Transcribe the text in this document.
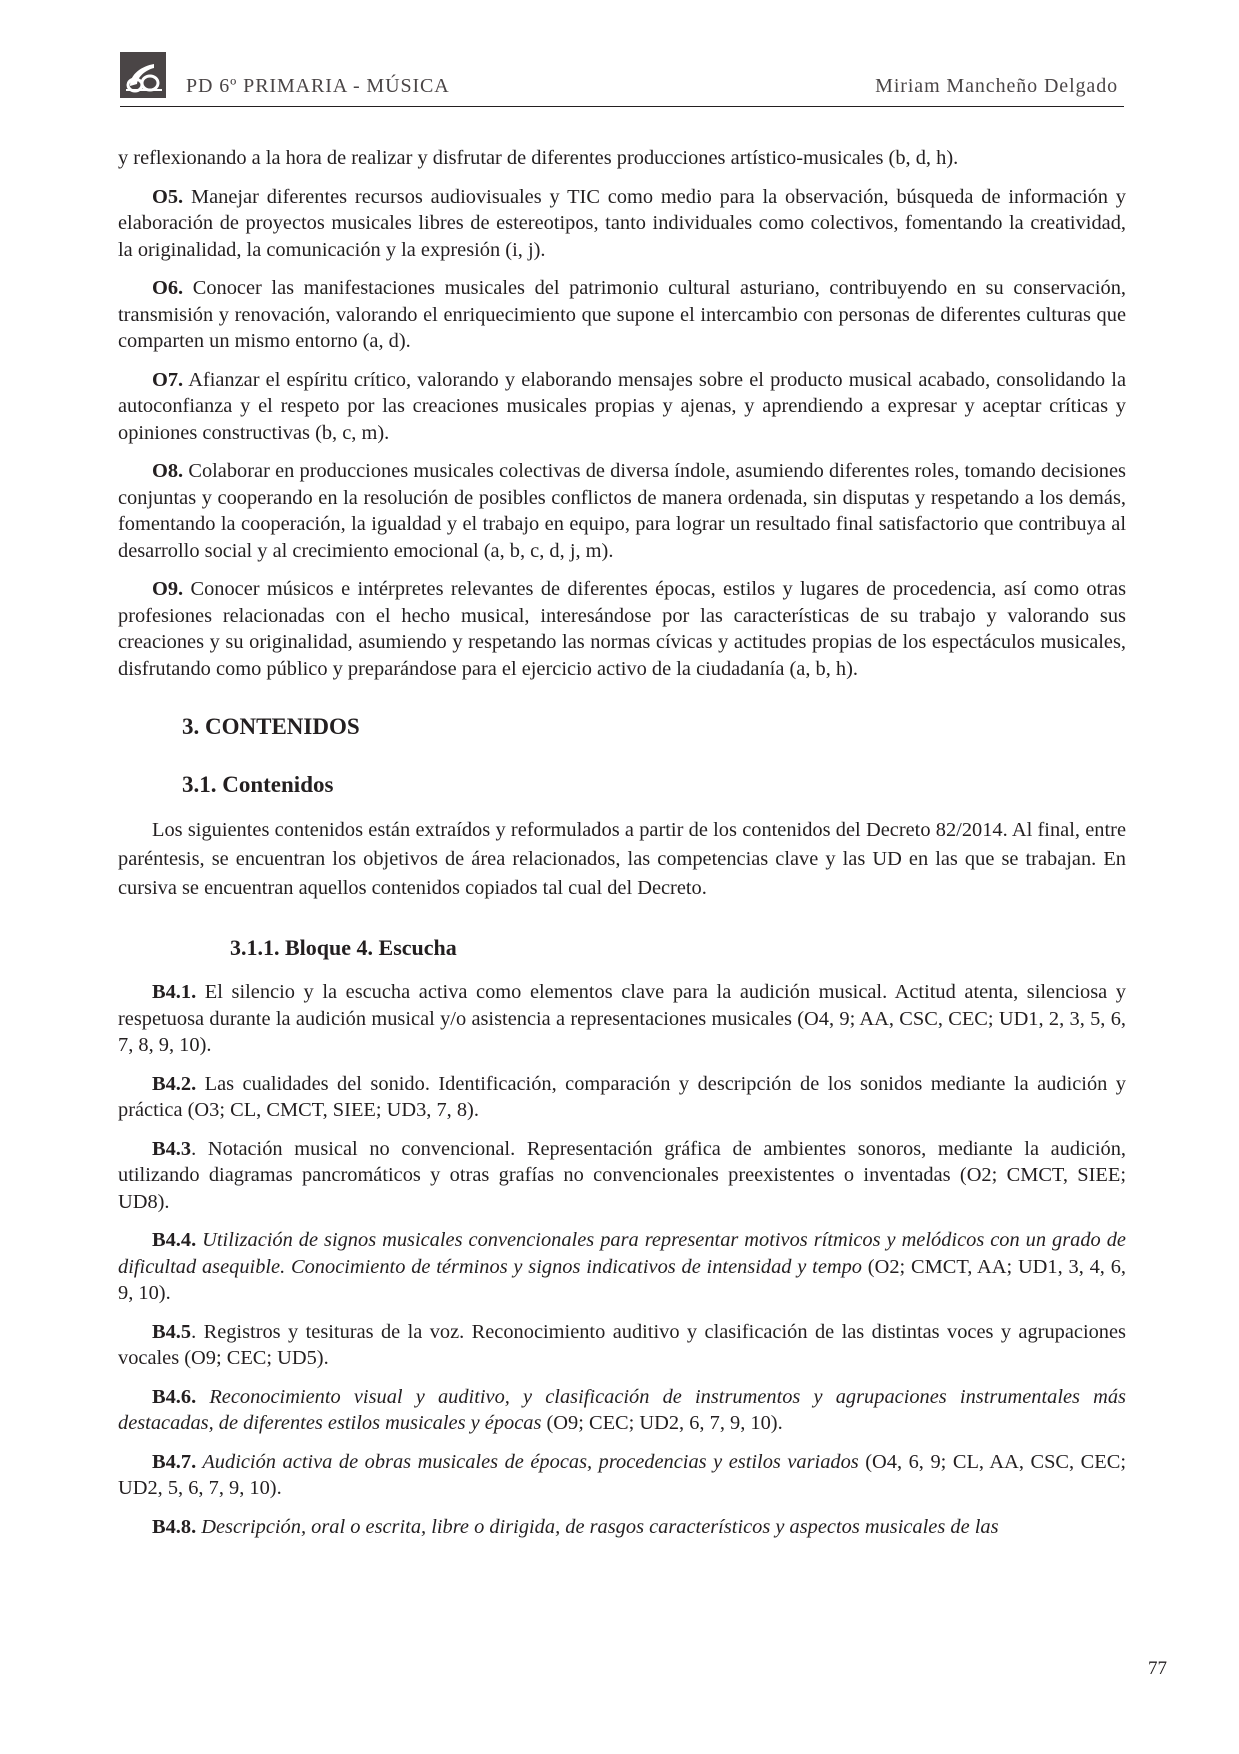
PD 6º PRIMARIA - MÚSICA	Miriam Mancheño Delgado

y reflexionando a la hora de realizar y disfrutar de diferentes producciones artístico-musicales (b, d, h).

O5. Manejar diferentes recursos audiovisuales y TIC como medio para la observación, búsqueda de información y elaboración de proyectos musicales libres de estereotipos, tanto individuales como colectivos, fomentando la creatividad, la originalidad, la comunicación y la expresión (i, j).

O6. Conocer las manifestaciones musicales del patrimonio cultural asturiano, contribuyendo en su conservación, transmisión y renovación, valorando el enriquecimiento que supone el intercambio con personas de diferentes culturas que comparten un mismo entorno (a, d).

O7. Afianzar el espíritu crítico, valorando y elaborando mensajes sobre el producto musical acabado, consolidando la autoconfianza y el respeto por las creaciones musicales propias y ajenas, y aprendiendo a expresar y aceptar críticas y opiniones constructivas (b, c, m).

O8. Colaborar en producciones musicales colectivas de diversa índole, asumiendo diferentes roles, tomando decisiones conjuntas y cooperando en la resolución de posibles conflictos de manera ordenada, sin disputas y respetando a los demás, fomentando la cooperación, la igualdad y el trabajo en equipo, para lograr un resultado final satisfactorio que contribuya al desarrollo social y al crecimiento emocional (a, b, c, d, j, m).

O9. Conocer músicos e intérpretes relevantes de diferentes épocas, estilos y lugares de procedencia, así como otras profesiones relacionadas con el hecho musical, interesándose por las características de su trabajo y valorando sus creaciones y su originalidad, asumiendo y respetando las normas cívicas y actitudes propias de los espectáculos musicales, disfrutando como público y preparándose para el ejercicio activo de la ciudadanía (a, b, h).

3. CONTENIDOS
3.1. Contenidos

Los siguientes contenidos están extraídos y reformulados a partir de los contenidos del Decreto 82/2014. Al final, entre paréntesis, se encuentran los objetivos de área relacionados, las competencias clave y las UD en las que se trabajan. En cursiva se encuentran aquellos contenidos copiados tal cual del Decreto.

3.1.1. Bloque 4. Escucha

B4.1. El silencio y la escucha activa como elementos clave para la audición musical. Actitud atenta, silenciosa y respetuosa durante la audición musical y/o asistencia a representaciones musicales (O4, 9; AA, CSC, CEC; UD1, 2, 3, 5, 6, 7, 8, 9, 10).

B4.2. Las cualidades del sonido. Identificación, comparación y descripción de los sonidos mediante la audición y práctica (O3; CL, CMCT, SIEE; UD3, 7, 8).

B4.3. Notación musical no convencional. Representación gráfica de ambientes sonoros, mediante la audición, utilizando diagramas pancromáticos y otras grafías no convencionales preexistentes o inventadas (O2; CMCT, SIEE; UD8).

B4.4. Utilización de signos musicales convencionales para representar motivos rítmicos y melódicos con un grado de dificultad asequible. Conocimiento de términos y signos indicativos de intensidad y tempo (O2; CMCT, AA; UD1, 3, 4, 6, 9, 10).

B4.5. Registros y tesituras de la voz. Reconocimiento auditivo y clasificación de las distintas voces y agrupaciones vocales (O9; CEC; UD5).

B4.6. Reconocimiento visual y auditivo, y clasificación de instrumentos y agrupaciones instrumentales más destacadas, de diferentes estilos musicales y épocas (O9; CEC; UD2, 6, 7, 9, 10).

B4.7. Audición activa de obras musicales de épocas, procedencias y estilos variados (O4, 6, 9; CL, AA, CSC, CEC; UD2, 5, 6, 7, 9, 10).

B4.8. Descripción, oral o escrita, libre o dirigida, de rasgos característicos y aspectos musicales de las

77
